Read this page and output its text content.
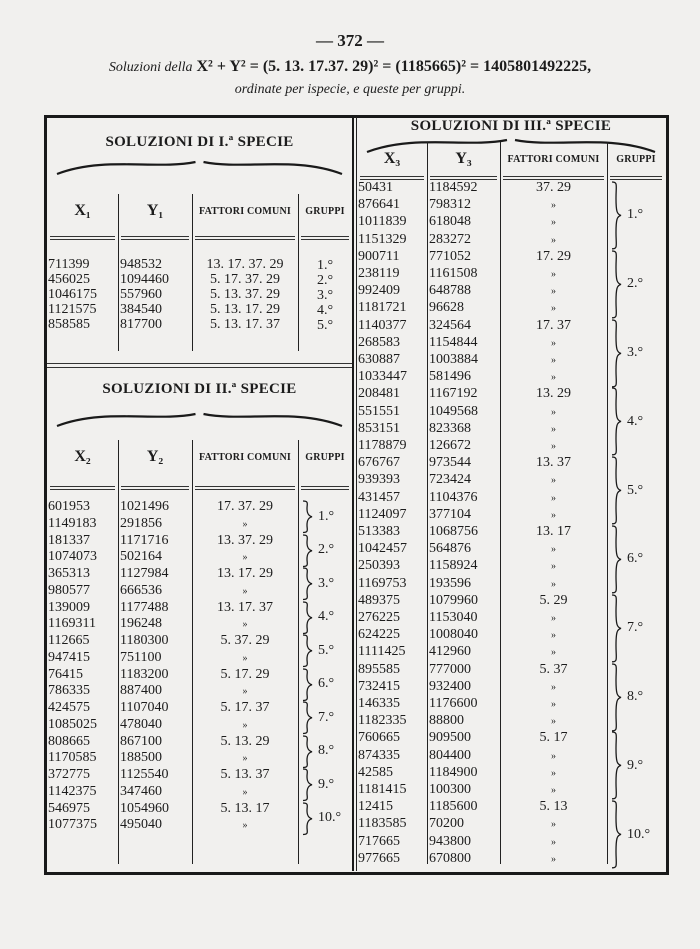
— 372 —
Soluzioni della X² + Y² = (5. 13. 17.37. 29)² = (1185665)² = 1405801492225,
ordinate per ispecie, e queste per gruppi.
SOLUZIONI DI I.ª SPECIE
X₁	Y₁	FATTORI COMUNI	GRUPPI
711399 948532	13. 17. 37. 29	1.°
456025 1094460	5. 17. 37. 29	2.°
1046175 557960	5. 13. 37. 29	3.°
1121575 384540	5. 13. 17. 29	4.°
858585 817700	5. 13. 17. 37	5.°
SOLUZIONI DI II.ª SPECIE
X₂	Y₂	FATTORI COMUNI	GRUPPI
601953 1021496	17. 37. 29
1149183 291856	»
1.°
181337 1171716	13. 37. 29
1074073 502164	»
2.°
365313 1127984	13. 17. 29
980577 666536	»
3.°
139009 1177488	13. 17. 37
1169311 196248	»
4.°
112665 1180300	5. 37. 29
947415 751100	»
5.°
76415	1183200	5. 17. 29
786335 887400	»
6.°
424575 1107040	5. 17. 37
1085025 478040	»
7.°
808665 867100	5. 13. 29
1170585 188500	»
8.°
372775 1125540	5. 13. 37
1142375 347460	»
9.°
546975 1054960	5. 13. 17
1077375 495040	»
10.°
SOLUZIONI DI III.ª SPECIE
X₃	Y₃	FATTORI COMUNI	GRUPPI
50431	1184592	37. 29
876641 798312	»
1011839 618048	»
1151329 283272	»
1.°
900711 771052	17. 29
238119 1161508	»
992409 648788	»
1181721 96628	»
2.°
1140377 324564	17. 37
268583 1154844	»
630887 1003884	»
1033447 581496	»
3.°
208481 1167192	13. 29
551551 1049568	»
853151 823368	»
1178879 126672	»
4.°
676767 973544	13. 37
939393 723424	»
431457 1104376	»
1124097 377104	»
5.°
513383 1068756	13. 17
1042457 564876	»
250393 1158924	»
1169753 193596	»
6.°
489375 1079960	5. 29
276225 1153040	»
624225 1008040	»
1111425 412960	»
7.°
895585 777000	5. 37
732415 932400	»
146335 1176600	»
1182335 88800	»
8.°
760665 909500	5. 17
874335 804400	»
42585	1184900	»
1181415 100300	»
9.°
12415	1185600	5. 13
1183585 70200	»
717665 943800	»
977665 670800	»
10.°
